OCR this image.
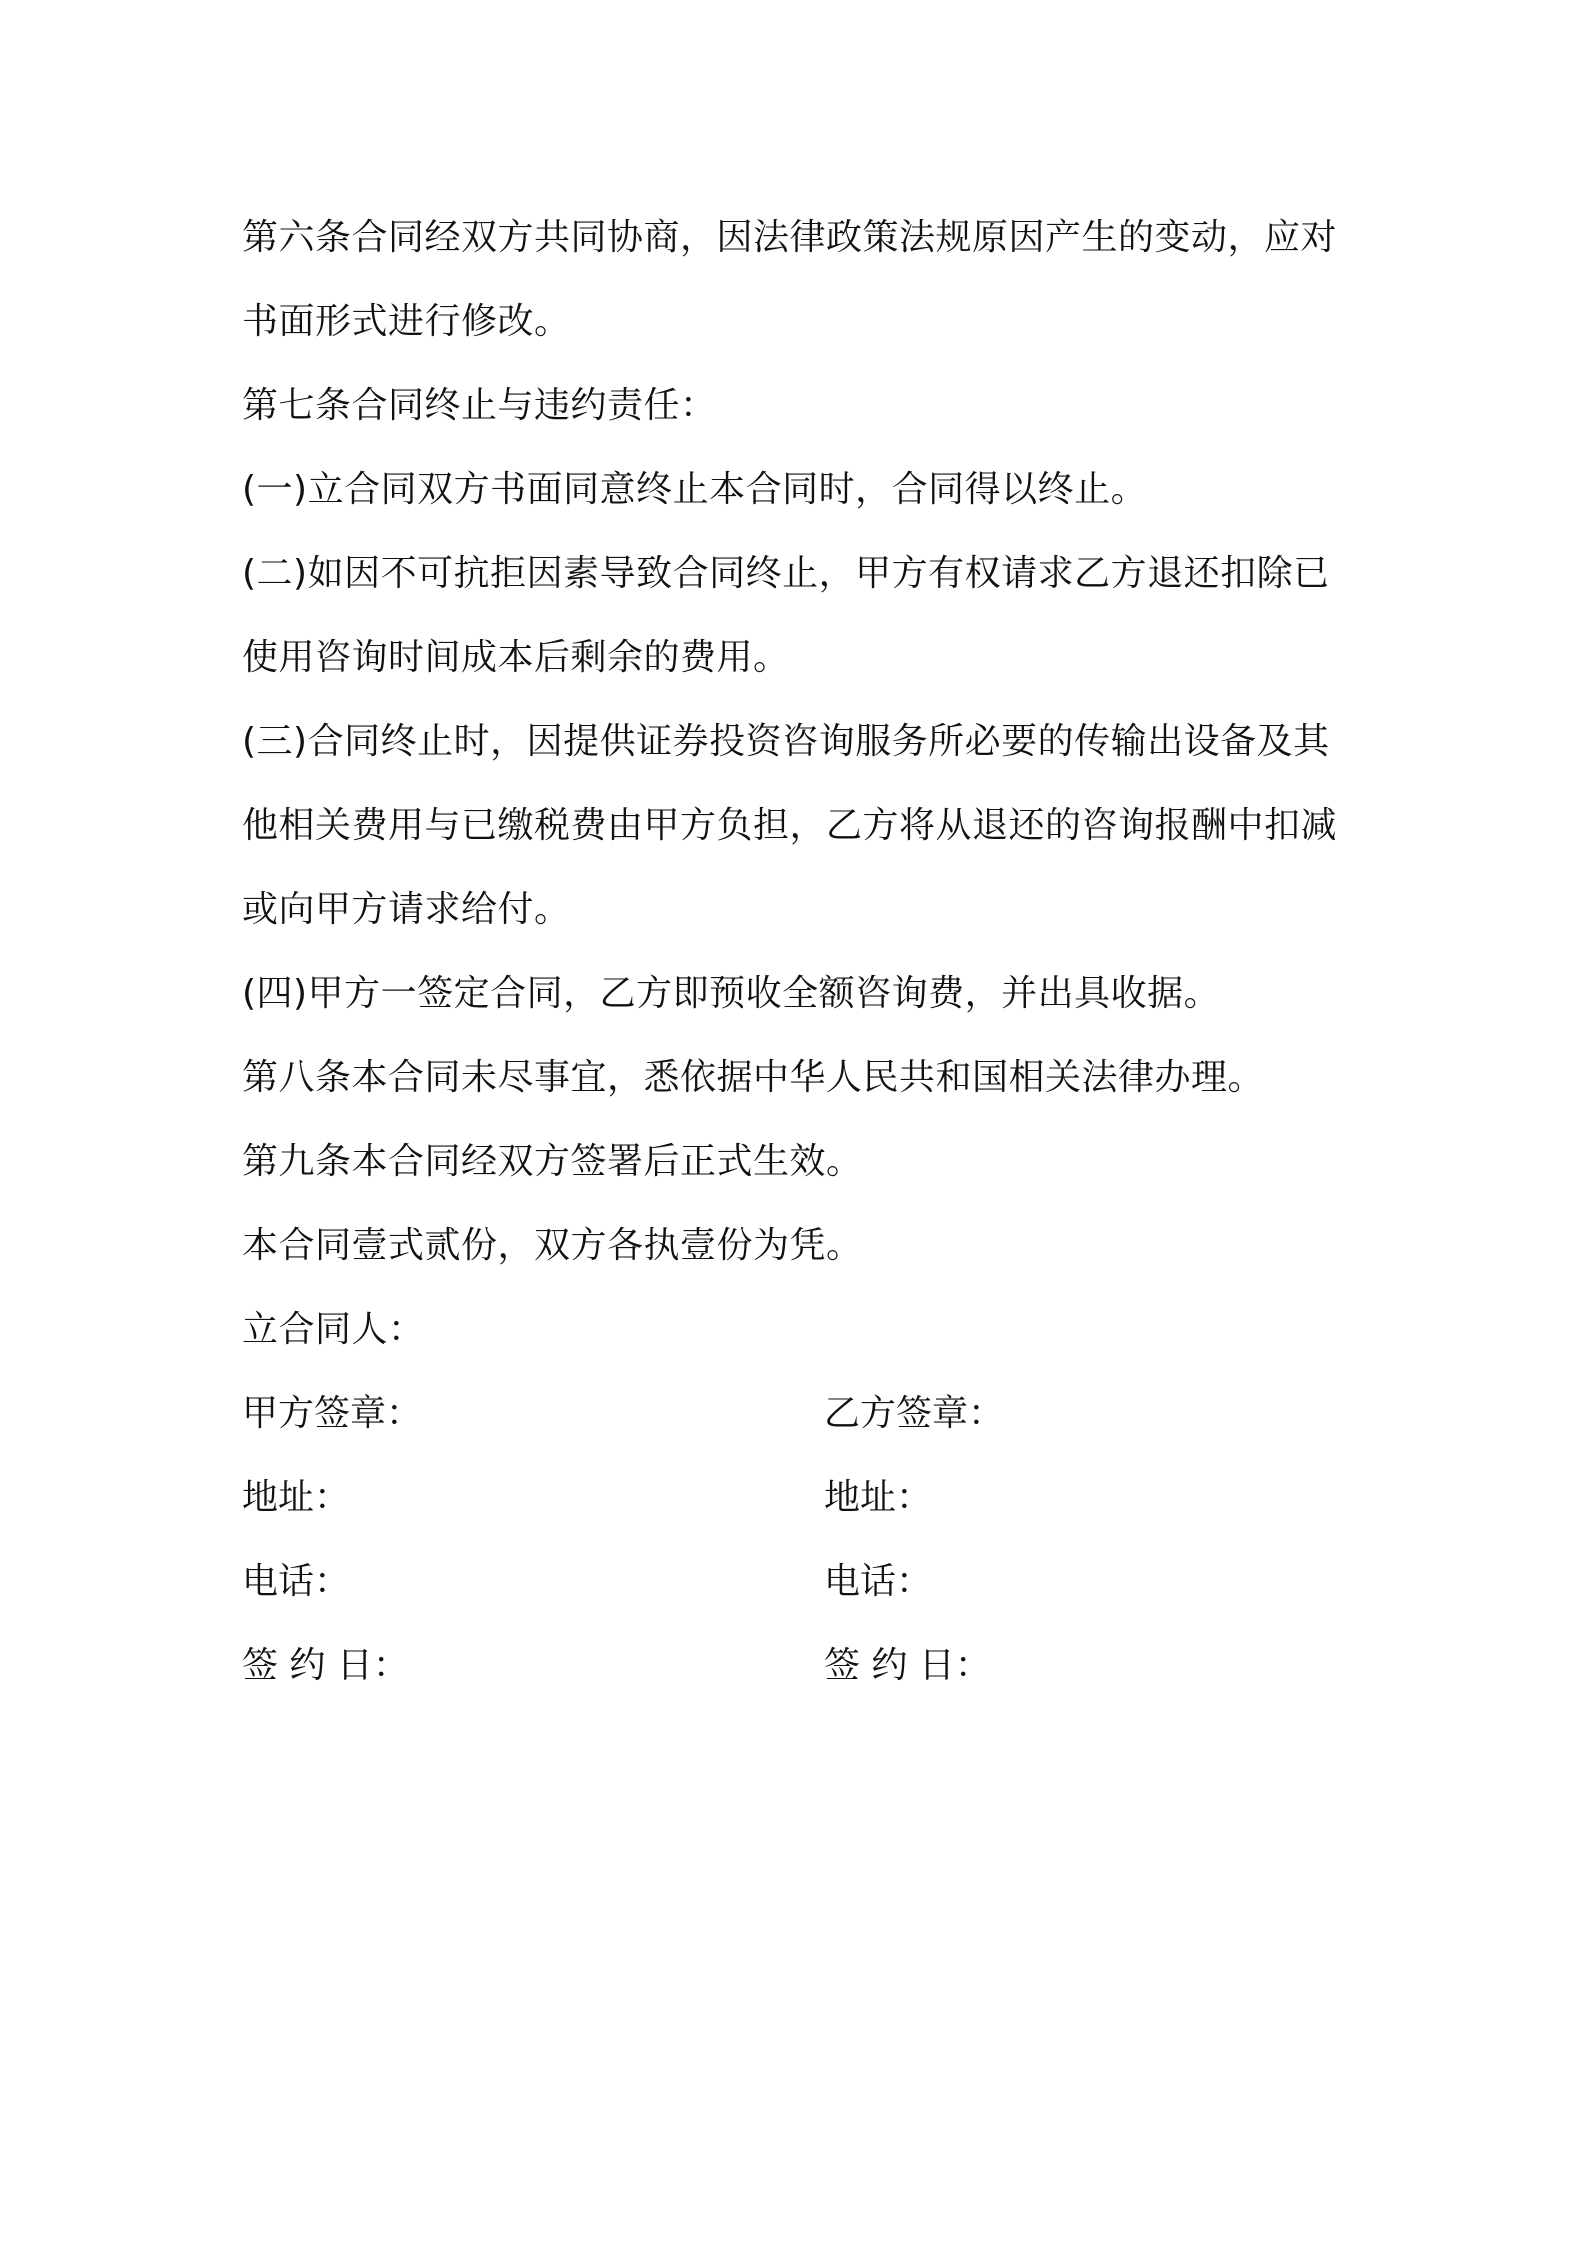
第六条合同经双方共同协商，因法律政策法规原因产生的变动，应对
书面形式进行修改。
第七条合同终止与违约责任：
(一)立合同双方书面同意终止本合同时，合同得以终止。
(二)如因不可抗拒因素导致合同终止，甲方有权请求乙方退还扣除已
使用咨询时间成本后剩余的费用。
(三)合同终止时，因提供证券投资咨询服务所必要的传输出设备及其
他相关费用与已缴税费由甲方负担，乙方将从退还的咨询报酬中扣减
或向甲方请求给付。
(四)甲方一签定合同，乙方即预收全额咨询费，并出具收据。
第八条本合同未尽事宜，悉依据中华人民共和国相关法律办理。
第九条本合同经双方签署后正式生效。
本合同壹式贰份，双方各执壹份为凭。
立合同人：
甲方签章：	乙方签章：
地址：	地址：
电话：	电话：
签 约 日：	签 约 日：
